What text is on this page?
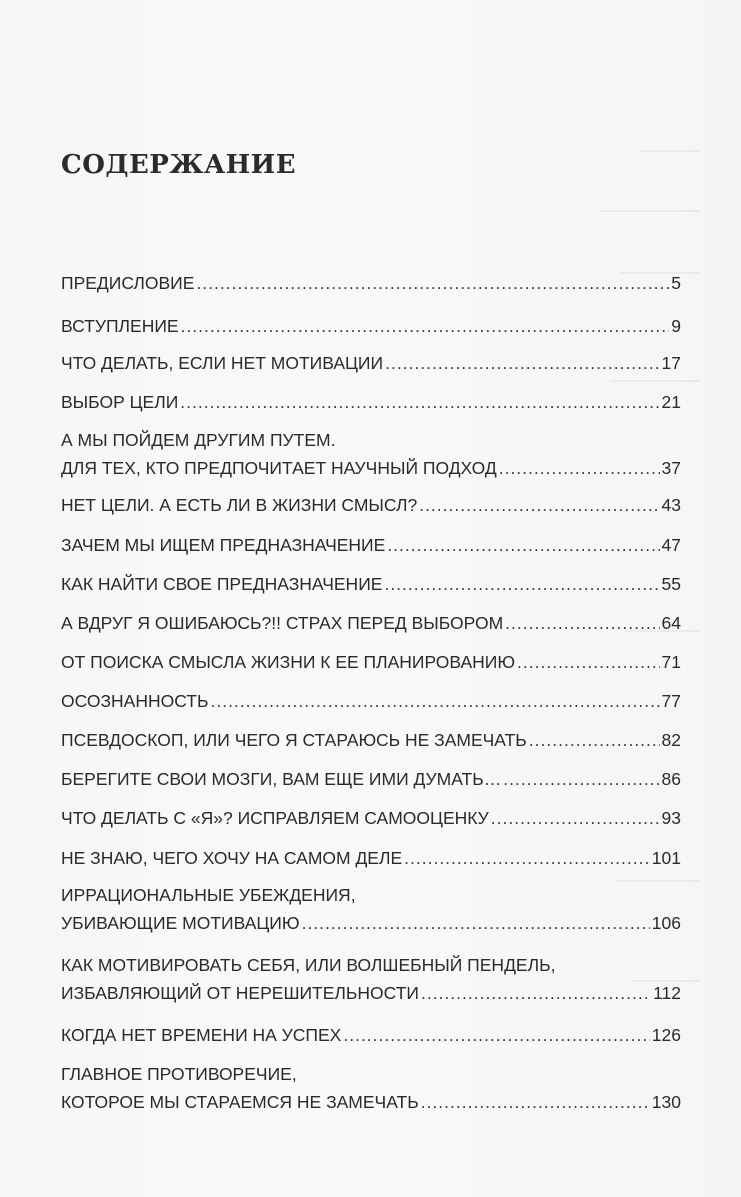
СОДЕРЖАНИЕ
ПРЕДИСЛОВИЕ .....	5
ВСТУПЛЕНИЕ .....	9
ЧТО ДЕЛАТЬ, ЕСЛИ НЕТ МОТИВАЦИИ .....	17
ВЫБОР ЦЕЛИ .....	21
А МЫ ПОЙДЕМ ДРУГИМ ПУТЕМ.
ДЛЯ ТЕХ, КТО ПРЕДПОЧИТАЕТ НАУЧНЫЙ ПОДХОД .....	37
НЕТ ЦЕЛИ. А ЕСТЬ ЛИ В ЖИЗНИ СМЫСЛ? .....	43
ЗАЧЕМ МЫ ИЩЕМ ПРЕДНАЗНАЧЕНИЕ .....	47
КАК НАЙТИ СВОЕ ПРЕДНАЗНАЧЕНИЕ .....	55
А ВДРУГ Я ОШИБАЮСЬ?!! СТРАХ ПЕРЕД ВЫБОРОМ .....	64
ОТ ПОИСКА СМЫСЛА ЖИЗНИ К ЕЕ ПЛАНИРОВАНИЮ .....	71
ОСОЗНАННОСТЬ .....	77
ПСЕВДОСКОП, ИЛИ ЧЕГО Я СТАРАЮСЬ НЕ ЗАМЕЧАТЬ .....	82
БЕРЕГИТЕ СВОИ МОЗГИ, ВАМ ЕЩЕ ИМИ ДУМАТЬ… .....	86
ЧТО ДЕЛАТЬ С «Я»? ИСПРАВЛЯЕМ САМООЦЕНКУ .....	93
НЕ ЗНАЮ, ЧЕГО ХОЧУ НА САМОМ ДЕЛЕ .....	101
ИРРАЦИОНАЛЬНЫЕ УБЕЖДЕНИЯ,
УБИВАЮЩИЕ МОТИВАЦИЮ .....	106
КАК МОТИВИРОВАТЬ СЕБЯ, ИЛИ ВОЛШЕБНЫЙ ПЕНДЕЛЬ,
ИЗБАВЛЯЮЩИЙ ОТ НЕРЕШИТЕЛЬНОСТИ .....	112
КОГДА НЕТ ВРЕМЕНИ НА УСПЕХ .....	126
ГЛАВНОЕ ПРОТИВОРЕЧИЕ,
КОТОРОЕ МЫ СТАРАЕМСЯ НЕ ЗАМЕЧАТЬ .....	130
